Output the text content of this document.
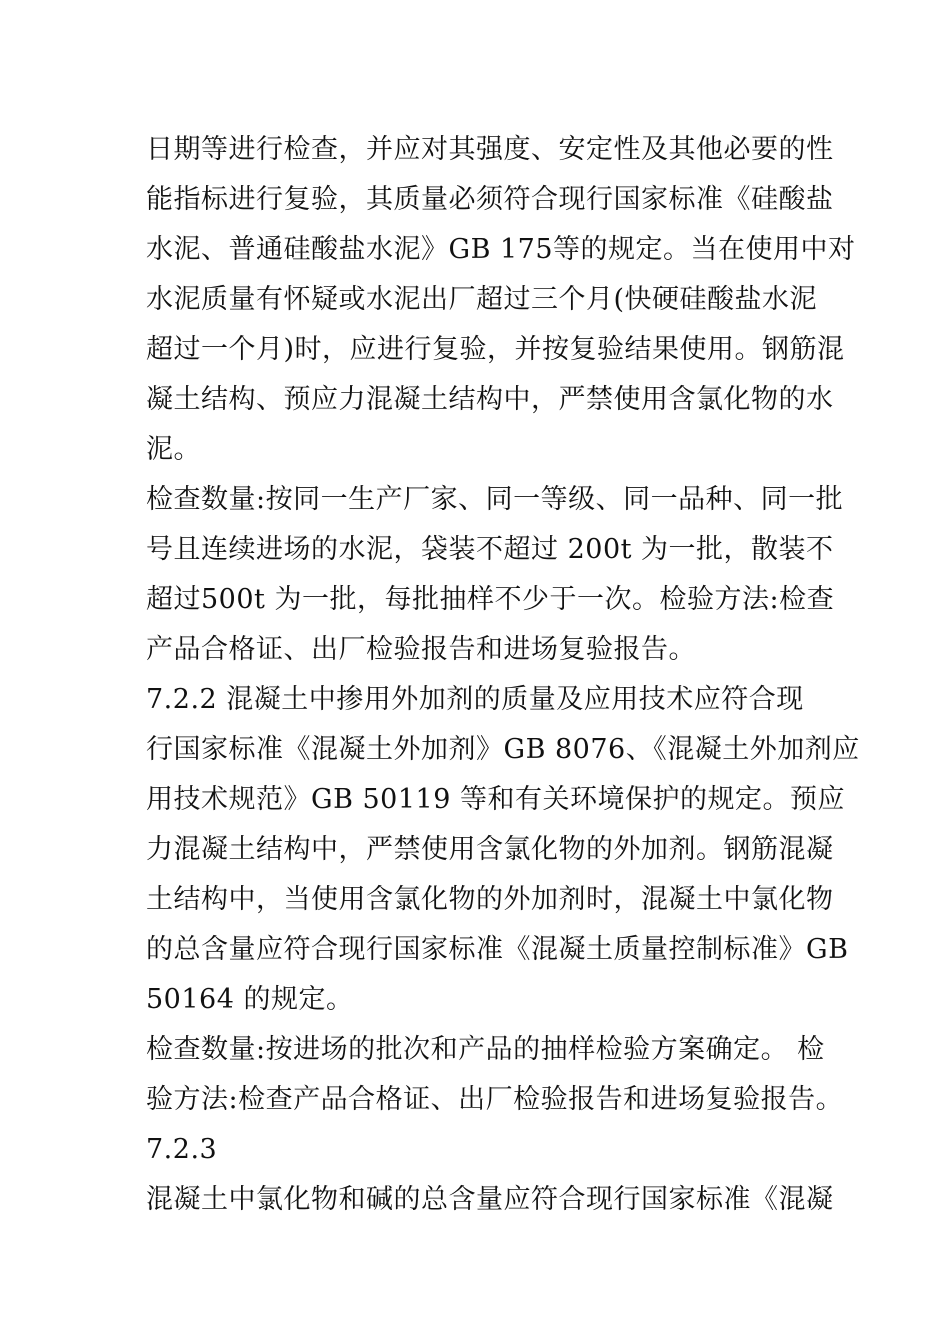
日期等进行检查，并应对其强度、安定性及其他必要的性
能指标进行复验，其质量必须符合现行国家标准《硅酸盐
水泥、普通硅酸盐水泥》GB 175等的规定。当在使用中对
水泥质量有怀疑或水泥出厂超过三个月(快硬硅酸盐水泥
超过一个月)时，应进行复验，并按复验结果使用。钢筋混
凝土结构、预应力混凝土结构中，严禁使用含氯化物的水
泥。
检查数量:按同一生产厂家、同一等级、同一品种、同一批
号且连续进场的水泥，袋装不超过 200t 为一批，散装不
超过500t 为一批，每批抽样不少于一次。检验方法:检查
产品合格证、出厂检验报告和进场复验报告。
7.2.2 混凝土中掺用外加剂的质量及应用技术应符合现
行国家标准《混凝土外加剂》GB 8076、《混凝土外加剂应
用技术规范》GB 50119 等和有关环境保护的规定。预应
力混凝土结构中，严禁使用含氯化物的外加剂。钢筋混凝
土结构中，当使用含氯化物的外加剂时，混凝土中氯化物
的总含量应符合现行国家标准《混凝土质量控制标准》GB
50164 的规定。
检查数量:按进场的批次和产品的抽样检验方案确定。 检
验方法:检查产品合格证、出厂检验报告和进场复验报告。
7.2.3
混凝土中氯化物和碱的总含量应符合现行国家标准《混凝
